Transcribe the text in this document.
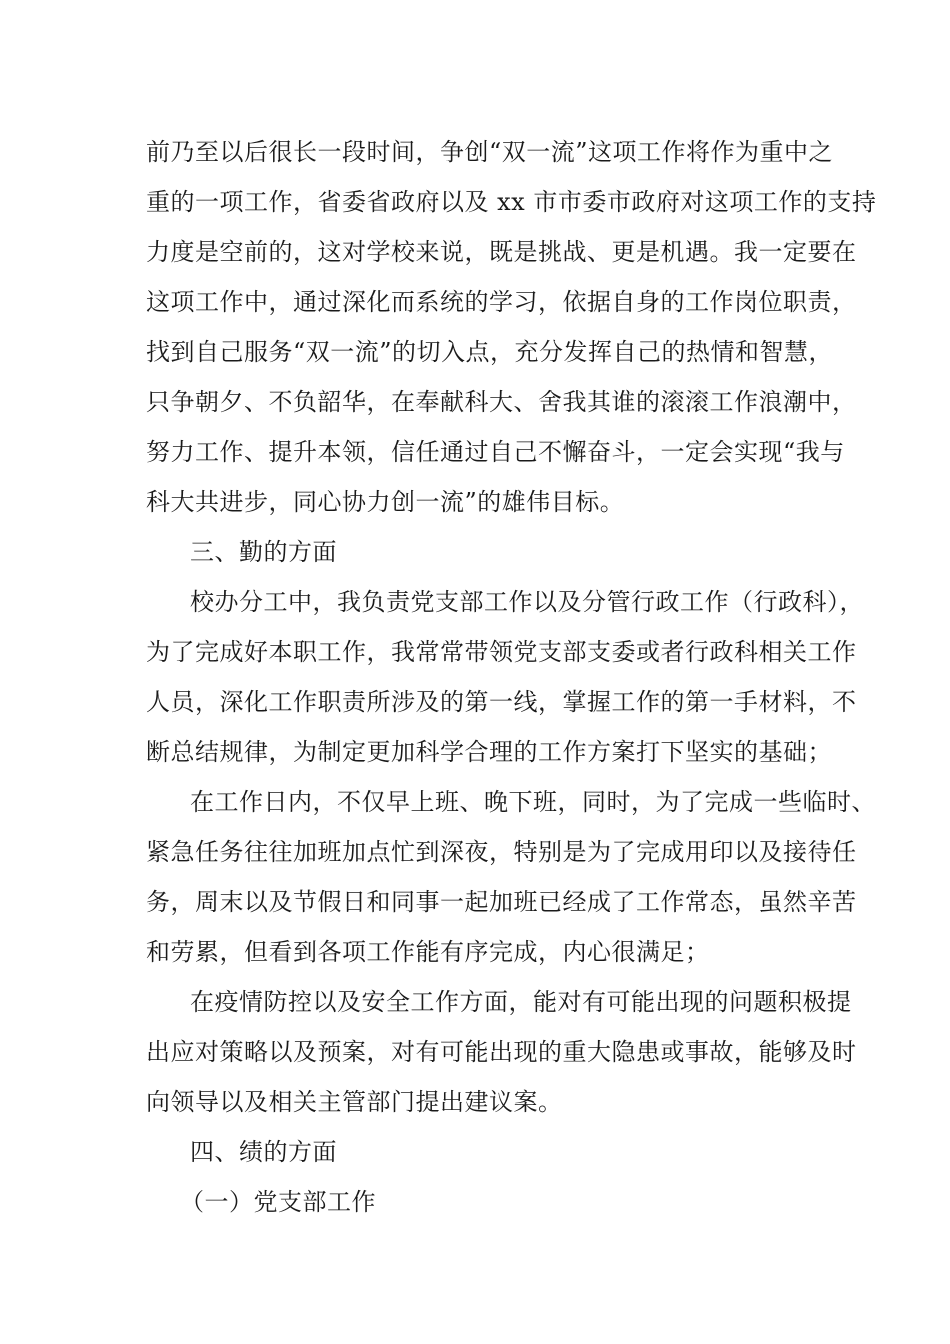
前乃至以后很长一段时间，争创“双一流”这项工作将作为重中之
重的一项工作，省委省政府以及 xx 市市委市政府对这项工作的支持
力度是空前的，这对学校来说，既是挑战、更是机遇。我一定要在
这项工作中，通过深化而系统的学习，依据自身的工作岗位职责，
找到自己服务“双一流”的切入点，充分发挥自己的热情和智慧，
只争朝夕、不负韶华，在奉献科大、舍我其谁的滚滚工作浪潮中，
努力工作、提升本领，信任通过自己不懈奋斗，一定会实现“我与
科大共进步，同心协力创一流”的雄伟目标。
三、勤的方面
校办分工中，我负责党支部工作以及分管行政工作（行政科），
为了完成好本职工作，我常常带领党支部支委或者行政科相关工作
人员，深化工作职责所涉及的第一线，掌握工作的第一手材料，不
断总结规律，为制定更加科学合理的工作方案打下坚实的基础；
在工作日内，不仅早上班、晚下班，同时，为了完成一些临时、
紧急任务往往加班加点忙到深夜，特别是为了完成用印以及接待任
务，周末以及节假日和同事一起加班已经成了工作常态，虽然辛苦
和劳累，但看到各项工作能有序完成，内心很满足；
在疫情防控以及安全工作方面，能对有可能出现的问题积极提
出应对策略以及预案，对有可能出现的重大隐患或事故，能够及时
向领导以及相关主管部门提出建议案。
四、绩的方面
（一）党支部工作
